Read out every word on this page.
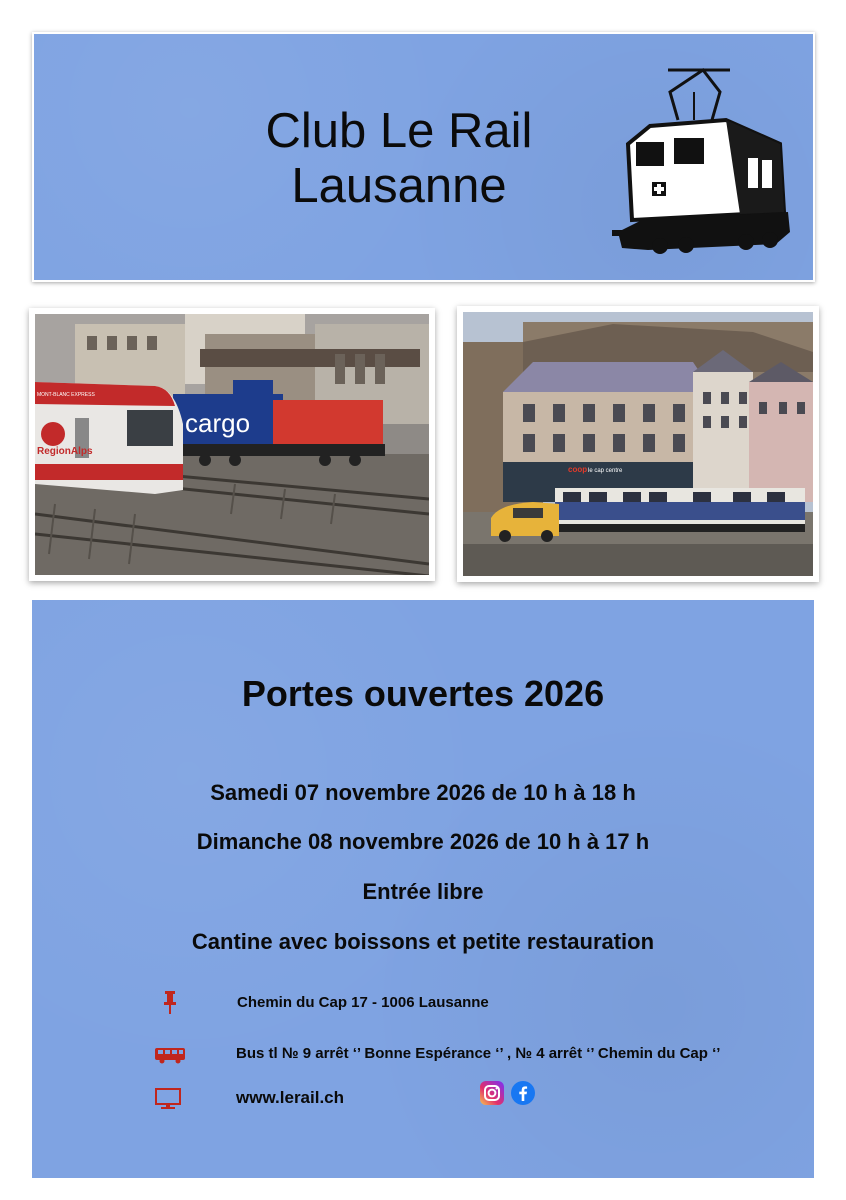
Club Le Rail
Lausanne
cargo
RegionAlps
MONT-BLANC EXPRESS
coop le cap centre
Portes ouvertes 2026
Samedi 07 novembre 2026 de 10 h à 18 h
Dimanche 08 novembre 2026 de 10 h à 17 h
Entrée libre
Cantine avec boissons et petite restauration
Chemin du Cap 17 - 1006 Lausanne
Bus tl № 9 arrêt ‘’ Bonne Espérance ‘’ , № 4 arrêt ‘’ Chemin du Cap ‘’
www.lerail.ch
